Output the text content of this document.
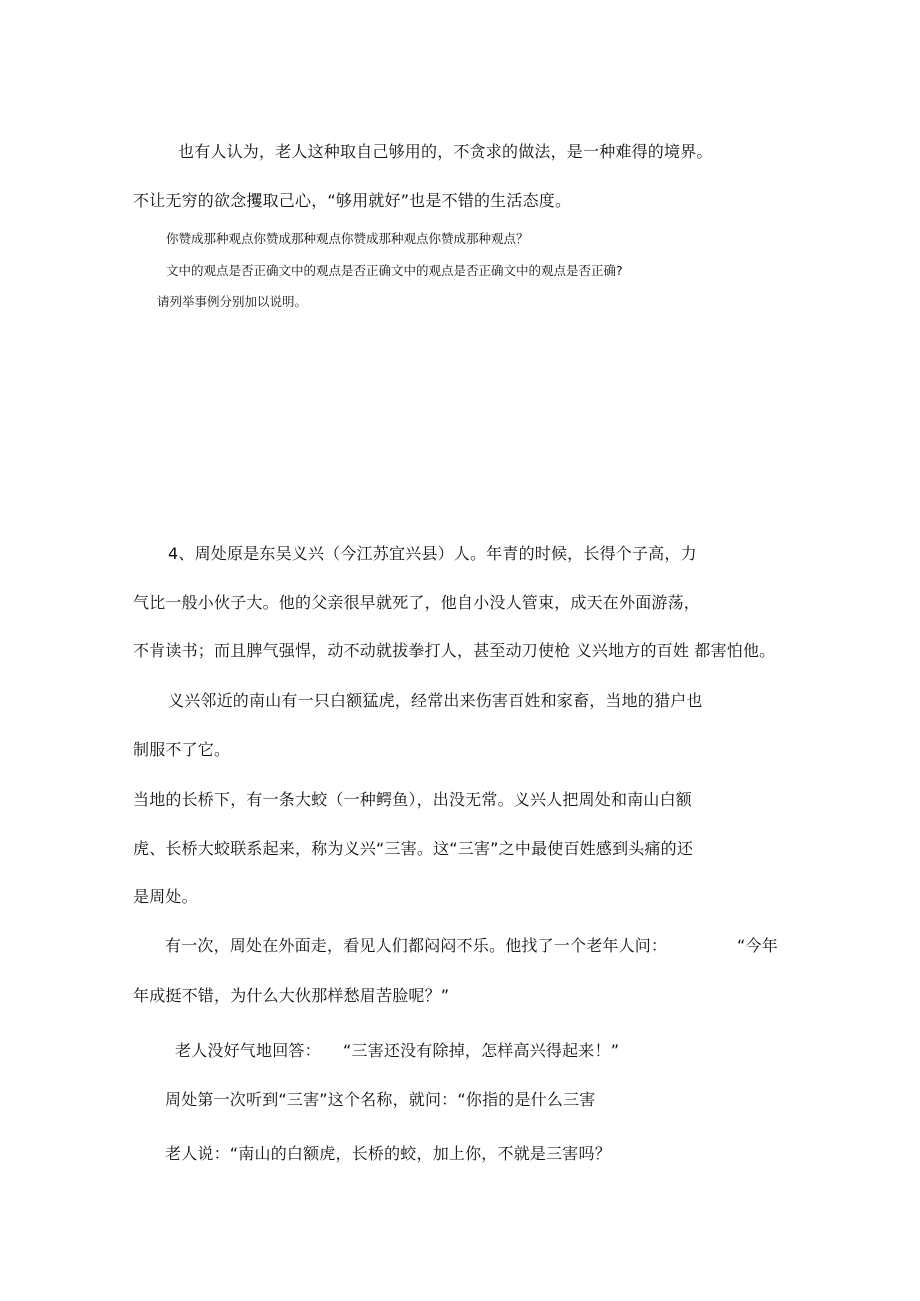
也有人认为，老人这种取自己够用的，不贪求的做法，是一种难得的境界。
不让无穷的欲念攫取己心，“够用就好”也是不错的生活态度。
你赞成那种观点你赞成那种观点你赞成那种观点你赞成那种观点？
文中的观点是否正确文中的观点是否正确文中的观点是否正确文中的观点是否正确?
请列举事例分别加以说明。
4、周处原是东吴义兴（今江苏宜兴县）人。年青的时候，长得个子高，力
气比一般小伙子大。他的父亲很早就死了，他自小没人管束，成天在外面游荡，
不肯读书；而且脾气强悍，动不动就拔拳打人，甚至动刀使枪 义兴地方的百姓 都害怕他。
义兴邻近的南山有一只白额猛虎，经常出来伤害百姓和家畜，当地的猎户也
制服不了它。
当地的长桥下，有一条大蛟（一种鳄鱼），出没无常。义兴人把周处和南山白额
虎、长桥大蛟联系起来，称为义兴“三害。这“三害”之中最使百姓感到头痛的还
是周处。
有一次，周处在外面走，看见人们都闷闷不乐。他找了一个老年人问：	“今年
年成挺不错，为什么大伙那样愁眉苦脸呢？”
老人没好气地回答： “三害还没有除掉，怎样高兴得起来！”
周处第一次听到“三害”这个名称，就问：“你指的是什么三害
老人说：“南山的白额虎，长桥的蛟，加上你，不就是三害吗？
